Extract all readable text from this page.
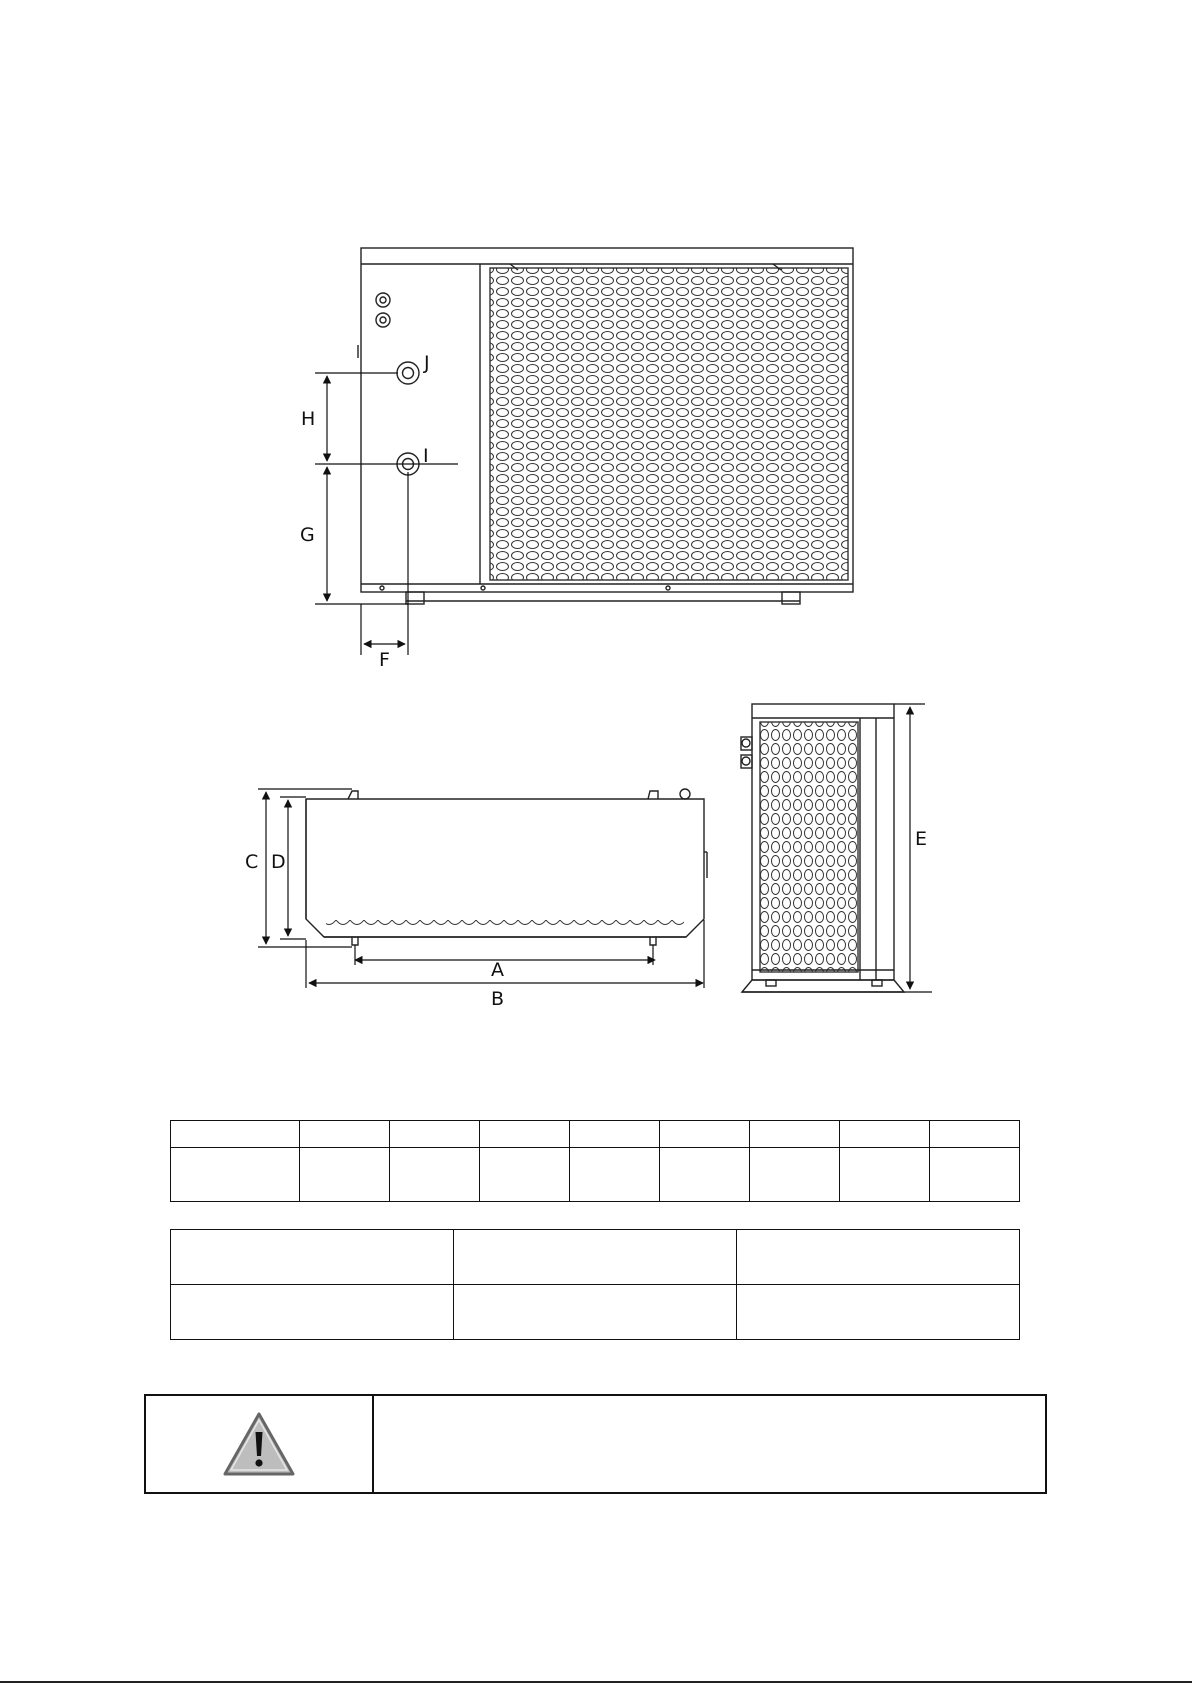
J
I
H
G
F
C D
A
B
E
